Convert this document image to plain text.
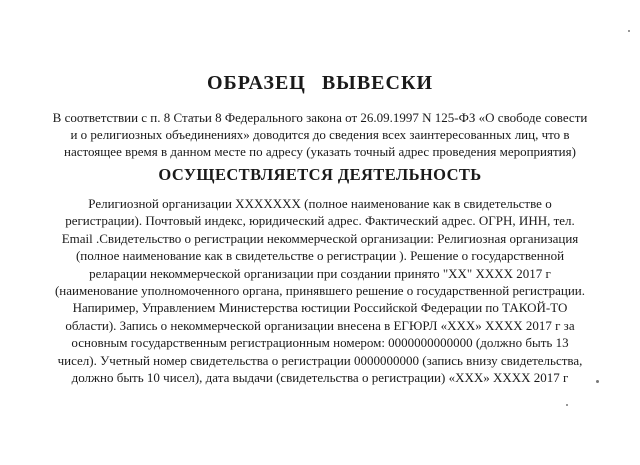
ОБРАЗЕЦ ВЫВЕСКИ
В соответствии с п. 8 Статьи 8 Федерального закона от 26.09.1997 N 125-ФЗ «О свободе совести и о религиозных объединениях» доводится до сведения всех заинтересованных лиц, что в настоящее время в данном месте по адресу (указать точный адрес проведения мероприятия)
ОСУЩЕСТВЛЯЕТСЯ ДЕЯТЕЛЬНОСТЬ
Религиозной организации XXXXXXX (полное наименование как в свидетельстве о регистрации). Почтовый индекс, юридический адрес. Фактический адрес. ОГРН, ИНН, тел. Email .Свидетельство о регистрации некоммерческой организации: Религиозная организация (полное наименование как в свидетельстве о регистрации ). Решение о государственной реларации некоммерческой организации при создании принято "XX" XXXX 2017 г (наименование уполномоченного органа, принявшего решение о государственной регистрации. Напиример, Управлением Министерства юстиции Российской Федерации по ТАКОЙ-ТО области). Запись о некоммерческой организации внесена в ЕГЮРЛ «XXX» XXXX 2017 г за основным государственным регистрационным номером: 0000000000000 (должно быть 13 чисел). Учетный номер свидетельства о регистрации 0000000000 (запись внизу свидетельства, должно быть 10 чисел), дата выдачи (свидетельства о регистрации) «XXX» XXXX 2017 г
